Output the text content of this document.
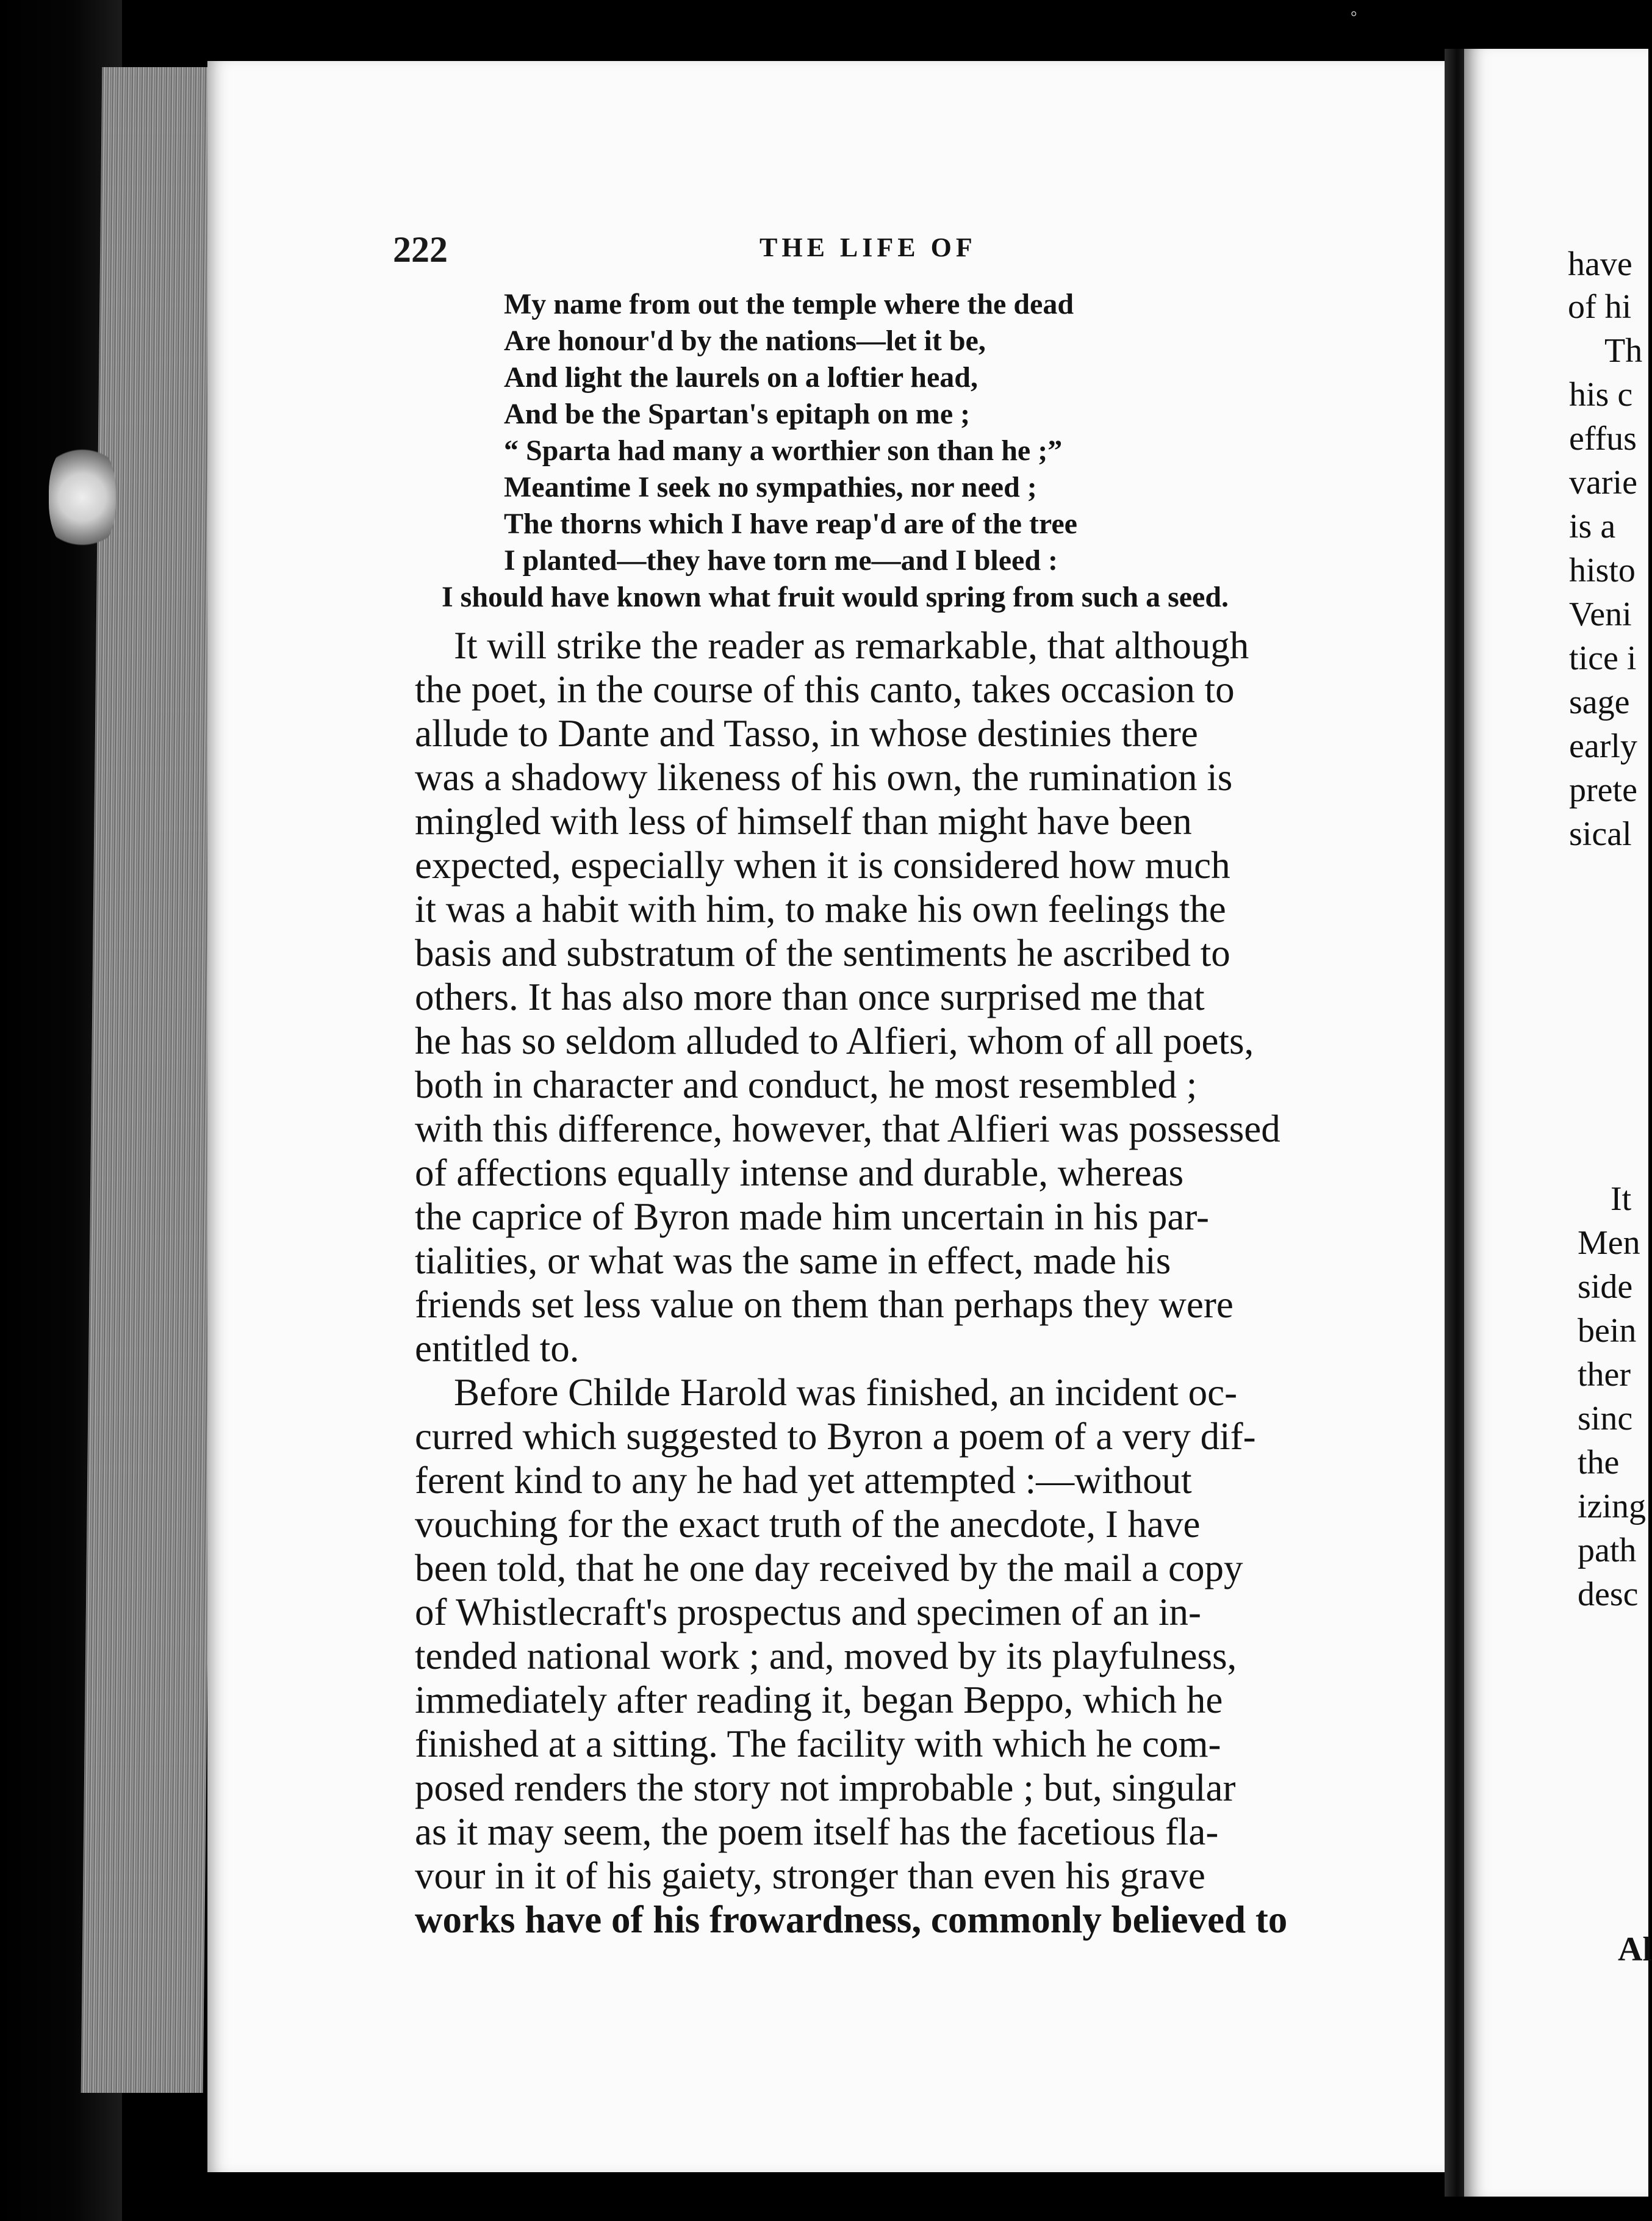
°
have
of hi
Th
his c
effus
varie
is a
histo
Veni
tice i
sage
early
prete
sical
It
Men
side
bein
ther
sinc
the
izing
path
desc
Al
222	THE LIFE OF
My name from out the temple where the dead
Are honour'd by the nations—let it be,
And light the laurels on a loftier head,
And be the Spartan's epitaph on me ;
“ Sparta had many a worthier son than he ;”
Meantime I seek no sympathies, nor need ;
The thorns which I have reap'd are of the tree
I planted—they have torn me—and I bleed :
I should have known what fruit would spring from such a seed.
It will strike the reader as remarkable, that although
the poet, in the course of this canto, takes occasion to
allude to Dante and Tasso, in whose destinies there
was a shadowy likeness of his own, the rumination is
mingled with less of himself than might have been
expected, especially when it is considered how much
it was a habit with him, to make his own feelings the
basis and substratum of the sentiments he ascribed to
others. It has also more than once surprised me that
he has so seldom alluded to Alfieri, whom of all poets,
both in character and conduct, he most resembled ;
with this difference, however, that Alfieri was possessed
of affections equally intense and durable, whereas
the caprice of Byron made him uncertain in his par-
tialities, or what was the same in effect, made his
friends set less value on them than perhaps they were
entitled to.
Before Childe Harold was finished, an incident oc-
curred which suggested to Byron a poem of a very dif-
ferent kind to any he had yet attempted :—without
vouching for the exact truth of the anecdote, I have
been told, that he one day received by the mail a copy
of Whistlecraft's prospectus and specimen of an in-
tended national work ; and, moved by its playfulness,
immediately after reading it, began Beppo, which he
finished at a sitting. The facility with which he com-
posed renders the story not improbable ; but, singular
as it may seem, the poem itself has the facetious fla-
vour in it of his gaiety, stronger than even his grave
works have of his frowardness, commonly believed to
